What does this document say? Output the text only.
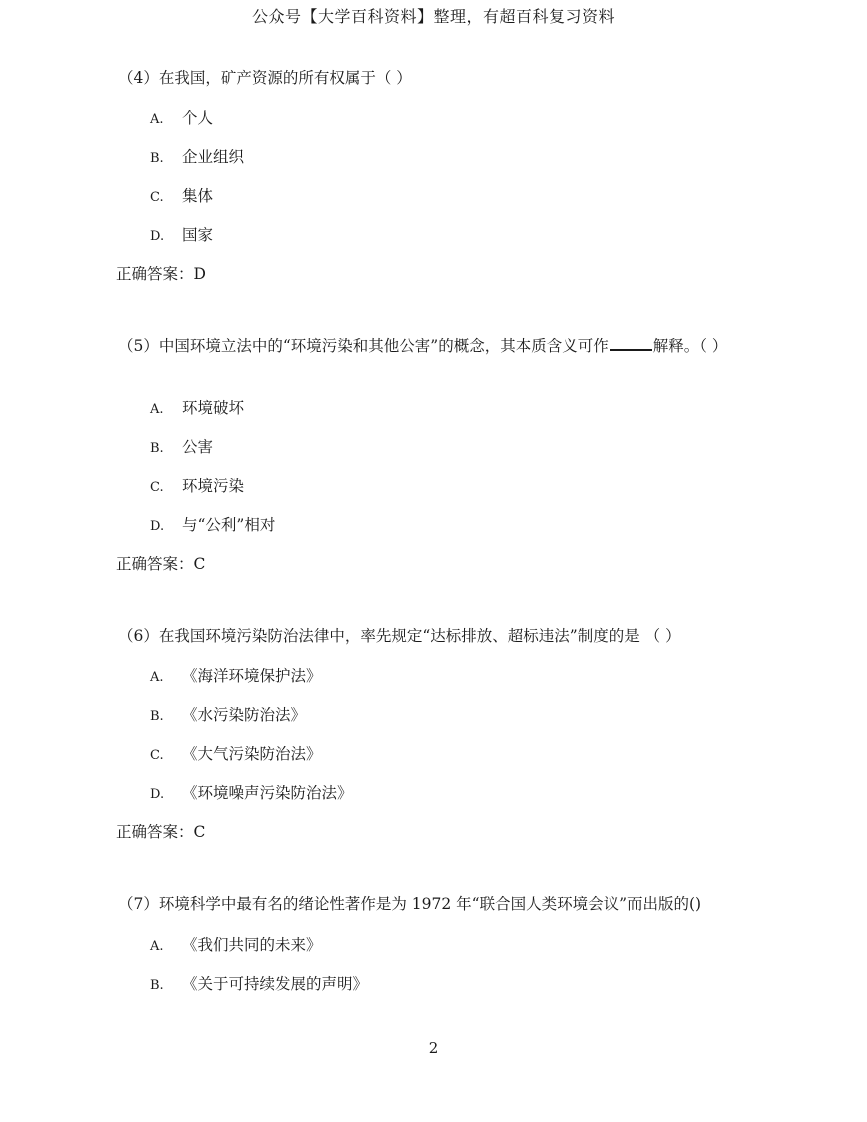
公众号【大学百科资料】整理，有超百科复习资料
（4）在我国，矿产资源的所有权属于（ ）
A. 个人
B. 企业组织
C. 集体
D. 国家
正确答案：D
（5）中国环境立法中的“环境污染和其他公害”的概念，其本质含义可作	解释。（ ）
A. 环境破坏
B. 公害
C. 环境污染
D. 与“公利”相对
正确答案：C
（6）在我国环境污染防治法律中，率先规定“达标排放、超标违法”制度的是 （ ）
A. 《海洋环境保护法》
B. 《水污染防治法》
C. 《大气污染防治法》
D. 《环境噪声污染防治法》
正确答案：C
（7）环境科学中最有名的绪论性著作是为 1972 年“联合国人类环境会议”而出版的()
A. 《我们共同的未来》
B. 《关于可持续发展的声明》
2
